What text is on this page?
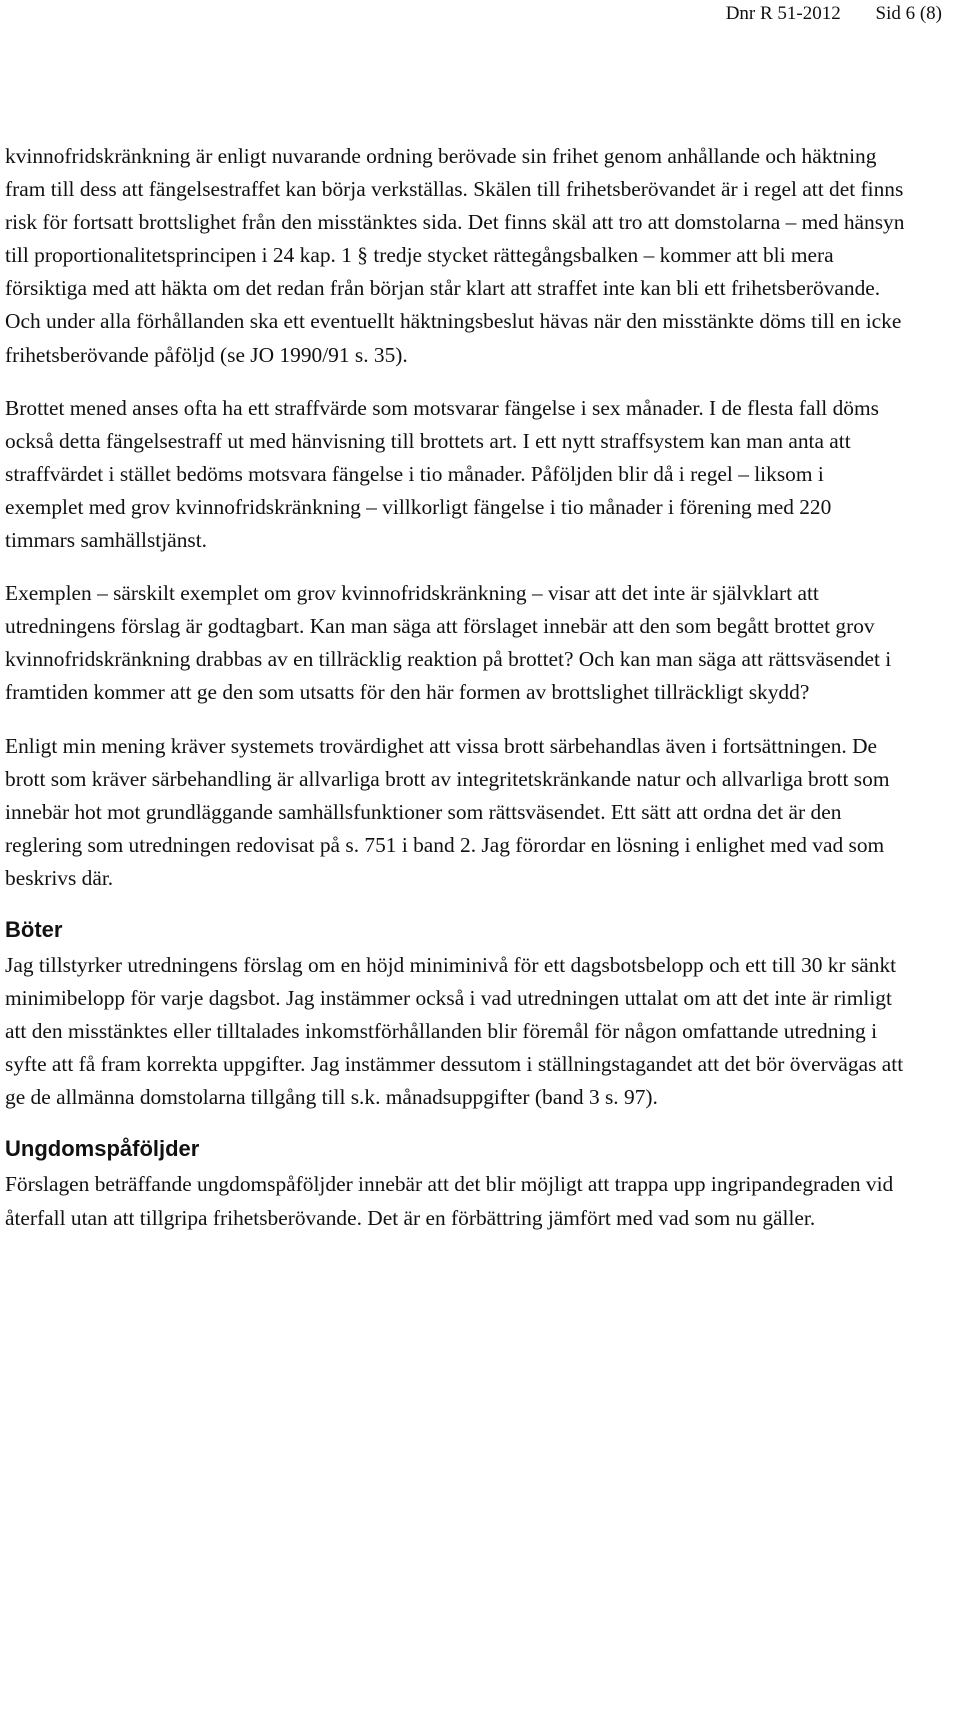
Dnr R 51-2012 Sid 6 (8)

kvinnofridskränkning är enligt nuvarande ordning berövade sin frihet genom anhållande och häktning fram till dess att fängelsestraffet kan börja verkställas. Skälen till frihetsberövandet är i regel att det finns risk för fortsatt brottslighet från den misstänktes sida. Det finns skäl att tro att domstolarna – med hänsyn till proportionalitetsprincipen i 24 kap. 1 § tredje stycket rättegångsbalken – kommer att bli mera försiktiga med att häkta om det redan från början står klart att straffet inte kan bli ett frihetsberövande. Och under alla förhållanden ska ett eventuellt häktningsbeslut hävas när den misstänkte döms till en icke frihetsberövande påföljd (se JO 1990/91 s. 35).

Brottet mened anses ofta ha ett straffvärde som motsvarar fängelse i sex månader. I de flesta fall döms också detta fängelsestraff ut med hänvisning till brottets art. I ett nytt straffsystem kan man anta att straffvärdet i stället bedöms motsvara fängelse i tio månader. Påföljden blir då i regel – liksom i exemplet med grov kvinnofridskränkning – villkorligt fängelse i tio månader i förening med 220 timmars samhällstjänst.

Exemplen – särskilt exemplet om grov kvinnofridskränkning – visar att det inte är självklart att utredningens förslag är godtagbart. Kan man säga att förslaget innebär att den som begått brottet grov kvinnofridskränkning drabbas av en tillräcklig reaktion på brottet? Och kan man säga att rättsväsendet i framtiden kommer att ge den som utsatts för den här formen av brottslighet tillräckligt skydd?

Enligt min mening kräver systemets trovärdighet att vissa brott särbehandlas även i fortsättningen. De brott som kräver särbehandling är allvarliga brott av integritetskränkande natur och allvarliga brott som innebär hot mot grundläggande samhällsfunktioner som rättsväsendet. Ett sätt att ordna det är den reglering som utredningen redovisat på s. 751 i band 2. Jag förordar en lösning i enlighet med vad som beskrivs där.

Böter

Jag tillstyrker utredningens förslag om en höjd miniminivå för ett dagsbotsbelopp och ett till 30 kr sänkt minimibelopp för varje dagsbot. Jag instämmer också i vad utredningen uttalat om att det inte är rimligt att den misstänktes eller tilltalades inkomstförhållanden blir föremål för någon omfattande utredning i syfte att få fram korrekta uppgifter. Jag instämmer dessutom i ställningstagandet att det bör övervägas att ge de allmänna domstolarna tillgång till s.k. månadsuppgifter (band 3 s. 97).

Ungdomspåföljder

Förslagen beträffande ungdomspåföljder innebär att det blir möjligt att trappa upp ingripandegraden vid återfall utan att tillgripa frihetsberövande. Det är en förbättring jämfört med vad som nu gäller.
